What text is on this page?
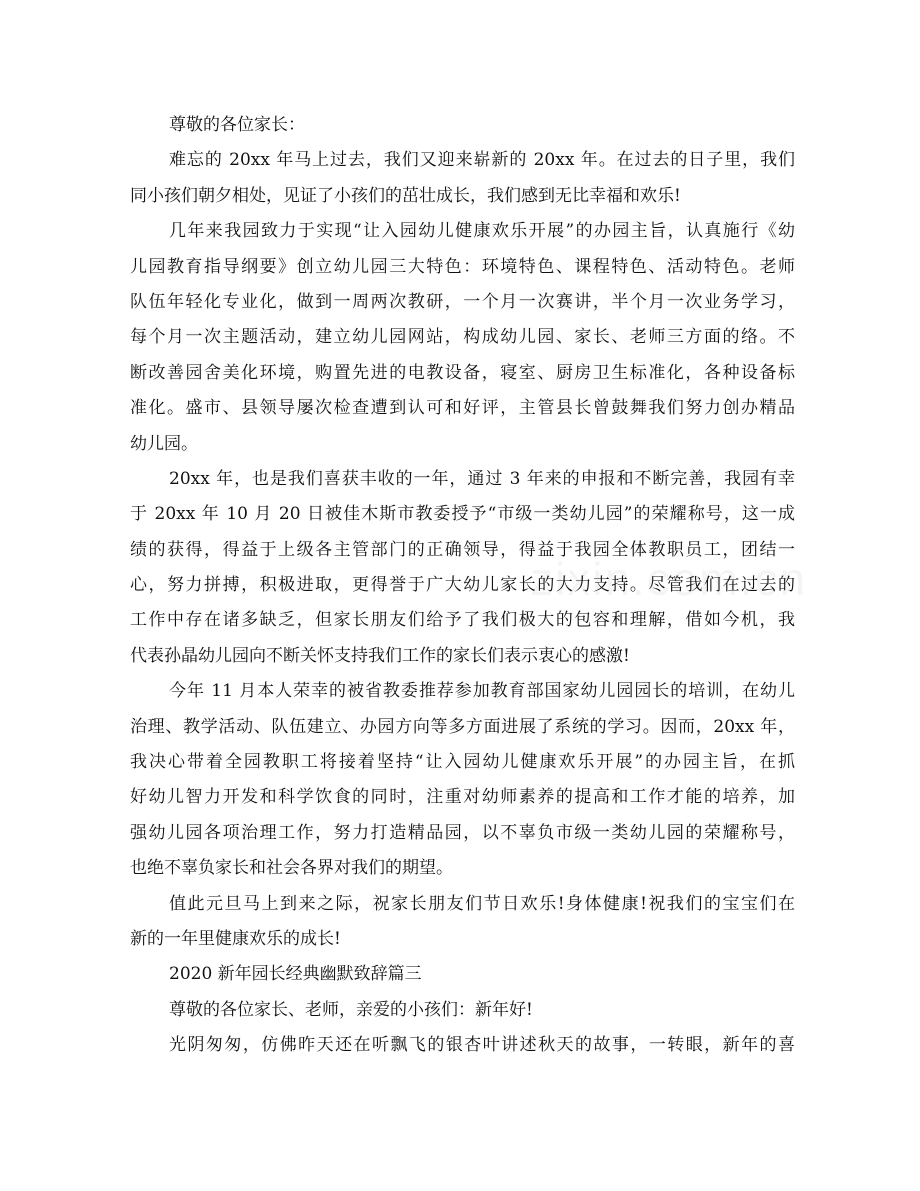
尊敬的各位家长：
难忘的 20xx 年马上过去，我们又迎来崭新的 20xx 年。在过去的日子里，我们
同小孩们朝夕相处，见证了小孩们的茁壮成长，我们感到无比幸福和欢乐!
几年来我园致力于实现“让入园幼儿健康欢乐开展”的办园主旨，认真施行《幼
儿园教育指导纲要》创立幼儿园三大特色：环境特色、课程特色、活动特色。老师
队伍年轻化专业化，做到一周两次教研，一个月一次赛讲，半个月一次业务学习，
每个月一次主题活动，建立幼儿园网站，构成幼儿园、家长、老师三方面的络。不
断改善园舍美化环境，购置先进的电教设备，寝室、厨房卫生标准化，各种设备标
准化。盛市、县领导屡次检查遭到认可和好评，主管县长曾鼓舞我们努力创办精品
幼儿园。
20xx 年，也是我们喜获丰收的一年，通过 3 年来的申报和不断完善，我园有幸
于 20xx 年 10 月 20 日被佳木斯市教委授予“市级一类幼儿园”的荣耀称号，这一成
绩的获得，得益于上级各主管部门的正确领导，得益于我园全体教职员工，团结一
心，努力拼搏，积极进取，更得誉于广大幼儿家长的大力支持。尽管我们在过去的
工作中存在诸多缺乏，但家长朋友们给予了我们极大的包容和理解，借如今机，我
代表孙晶幼儿园向不断关怀支持我们工作的家长们表示衷心的感激!
今年 11 月本人荣幸的被省教委推荐参加教育部国家幼儿园园长的培训，在幼儿
治理、教学活动、队伍建立、办园方向等多方面进展了系统的学习。因而，20xx 年，
我决心带着全园教职工将接着坚持“让入园幼儿健康欢乐开展”的办园主旨，在抓
好幼儿智力开发和科学饮食的同时，注重对幼师素养的提高和工作才能的培养，加
强幼儿园各项治理工作，努力打造精品园，以不辜负市级一类幼儿园的荣耀称号，
也绝不辜负家长和社会各界对我们的期望。
值此元旦马上到来之际，祝家长朋友们节日欢乐!身体健康!祝我们的宝宝们在
新的一年里健康欢乐的成长!
2020 新年园长经典幽默致辞篇三
尊敬的各位家长、老师，亲爱的小孩们：新年好!
光阴匆匆，仿佛昨天还在听飘飞的银杏叶讲述秋天的故事，一转眼，新年的喜
